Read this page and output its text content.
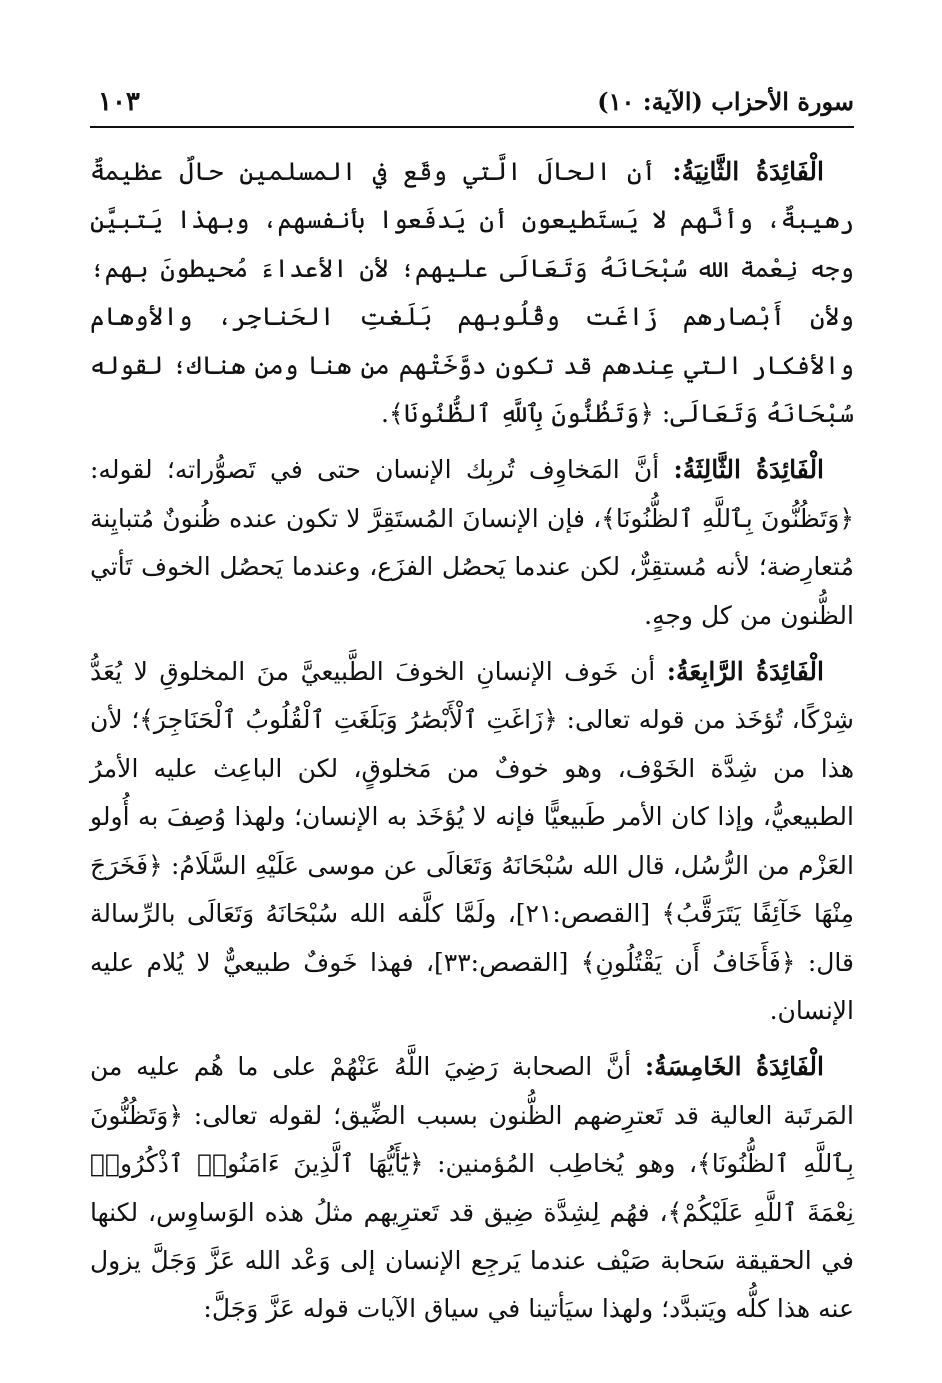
سورة الأحزاب (الآية: ١٠)
١٠٣

الْفَائِدَةُ الثَّانِيَةُ: أن الحالَ الَّتي وقَع في المسلمين حالٌ عظيمةٌ رهيبةٌ، وأنَّهم لا يَستَطيعون أن يَدفَعوا بأنفسهم، وبهذا يَتبيَّن وجه نِعْمة الله سُبْحَانَهُ وَتَعَالَى عليهم؛ لأن الأعداءَ مُحيطونَ بهم؛ ولأن أَبْصارهم زَاغَت وقُلُوبهم بَلَغتِ الحَناجِر، والأوهام والأفكار التي عِندهم قد تكون دوَّخَتْهم من هنا ومن هناك؛ لقوله سُبْحَانَهُ وَتَعَالَى: ﴿وَتَظُنُّونَ بِٱللَّهِ ٱلظُّنُونَا﴾.

الْفَائِدَةُ الثَّالِثَةُ: أنَّ المَخاوِف تُربِك الإنسان حتى في تَصوُّراته؛ لقوله: ﴿وَتَظُنُّونَ بِٱللَّهِ ٱلظُّنُونَا﴾، فإن الإنسانَ المُستَقِرَّ لا تكون عنده ظُنونٌ مُتبايِنة مُتعارِضة؛ لأنه مُستقِرٌّ، لكن عندما يَحصُل الفزَع، وعندما يَحصُل الخوف تَأتي الظُّنون من كل وجهٍ.

الْفَائِدَةُ الرَّابِعَةُ: أن خَوف الإنسانِ الخوفَ الطَّبيعيَّ منَ المخلوقِ لا يُعَدُّ شِرْكًا، تُؤخَذ من قوله تعالى: ﴿زَاغَتِ ٱلْأَبْصَٰرُ وَبَلَغَتِ ٱلْقُلُوبُ ٱلْحَنَاجِرَ﴾؛ لأن هذا من شِدَّة الخَوْف، وهو خوفٌ من مَخلوقٍ، لكن الباعِث عليه الأمرُ الطبيعيُّ، وإذا كان الأمر طَبيعيًّا فإنه لا يُؤخَذ به الإنسان؛ ولهذا وُصِفَ به أُولو العَزْم من الرُّسُل، قال الله سُبْحَانَهُ وَتَعَالَى عن موسى عَلَيْهِ السَّلَامُ: ﴿فَخَرَجَ مِنْهَا خَآئِفًا يَتَرَقَّبُ﴾ [القصص:٢١]، ولَمَّا كلَّفه الله سُبْحَانَهُ وَتَعَالَى بالرِّسالة قال: ﴿فَأَخَافُ أَن يَقْتُلُونِ﴾ [القصص:٣٣]، فهذا خَوفٌ طبيعيٌّ لا يُلام عليه الإنسان.

الْفَائِدَةُ الخَامِسَةُ: أنَّ الصحابة رَضِيَ اللَّهُ عَنْهُمْ على ما هُم عليه من المَرتَبة العالية قد تَعترِضهم الظُّنون بسبب الضِّيق؛ لقوله تعالى: ﴿وَتَظُنُّونَ بِٱللَّهِ ٱلظُّنُونَا﴾، وهو يُخاطِب المُؤمنين: ﴿يَٰٓأَيُّهَا ٱلَّذِينَ ءَامَنُوا۟ ٱذْكُرُوا۟ نِعْمَةَ ٱللَّهِ عَلَيْكُمْ﴾، فهُم لِشِدَّة ضِيق قد تَعترِيهم مثلُ هذه الوَساوِس، لكنها في الحقيقة سَحابة صَيْف عندما يَرجِع الإنسان إلى وَعْد الله عَزَّ وَجَلَّ يزول عنه هذا كلُّه ويَتبدَّد؛ ولهذا سيَأتينا في سياق الآيات قوله عَزَّ وَجَلَّ:
